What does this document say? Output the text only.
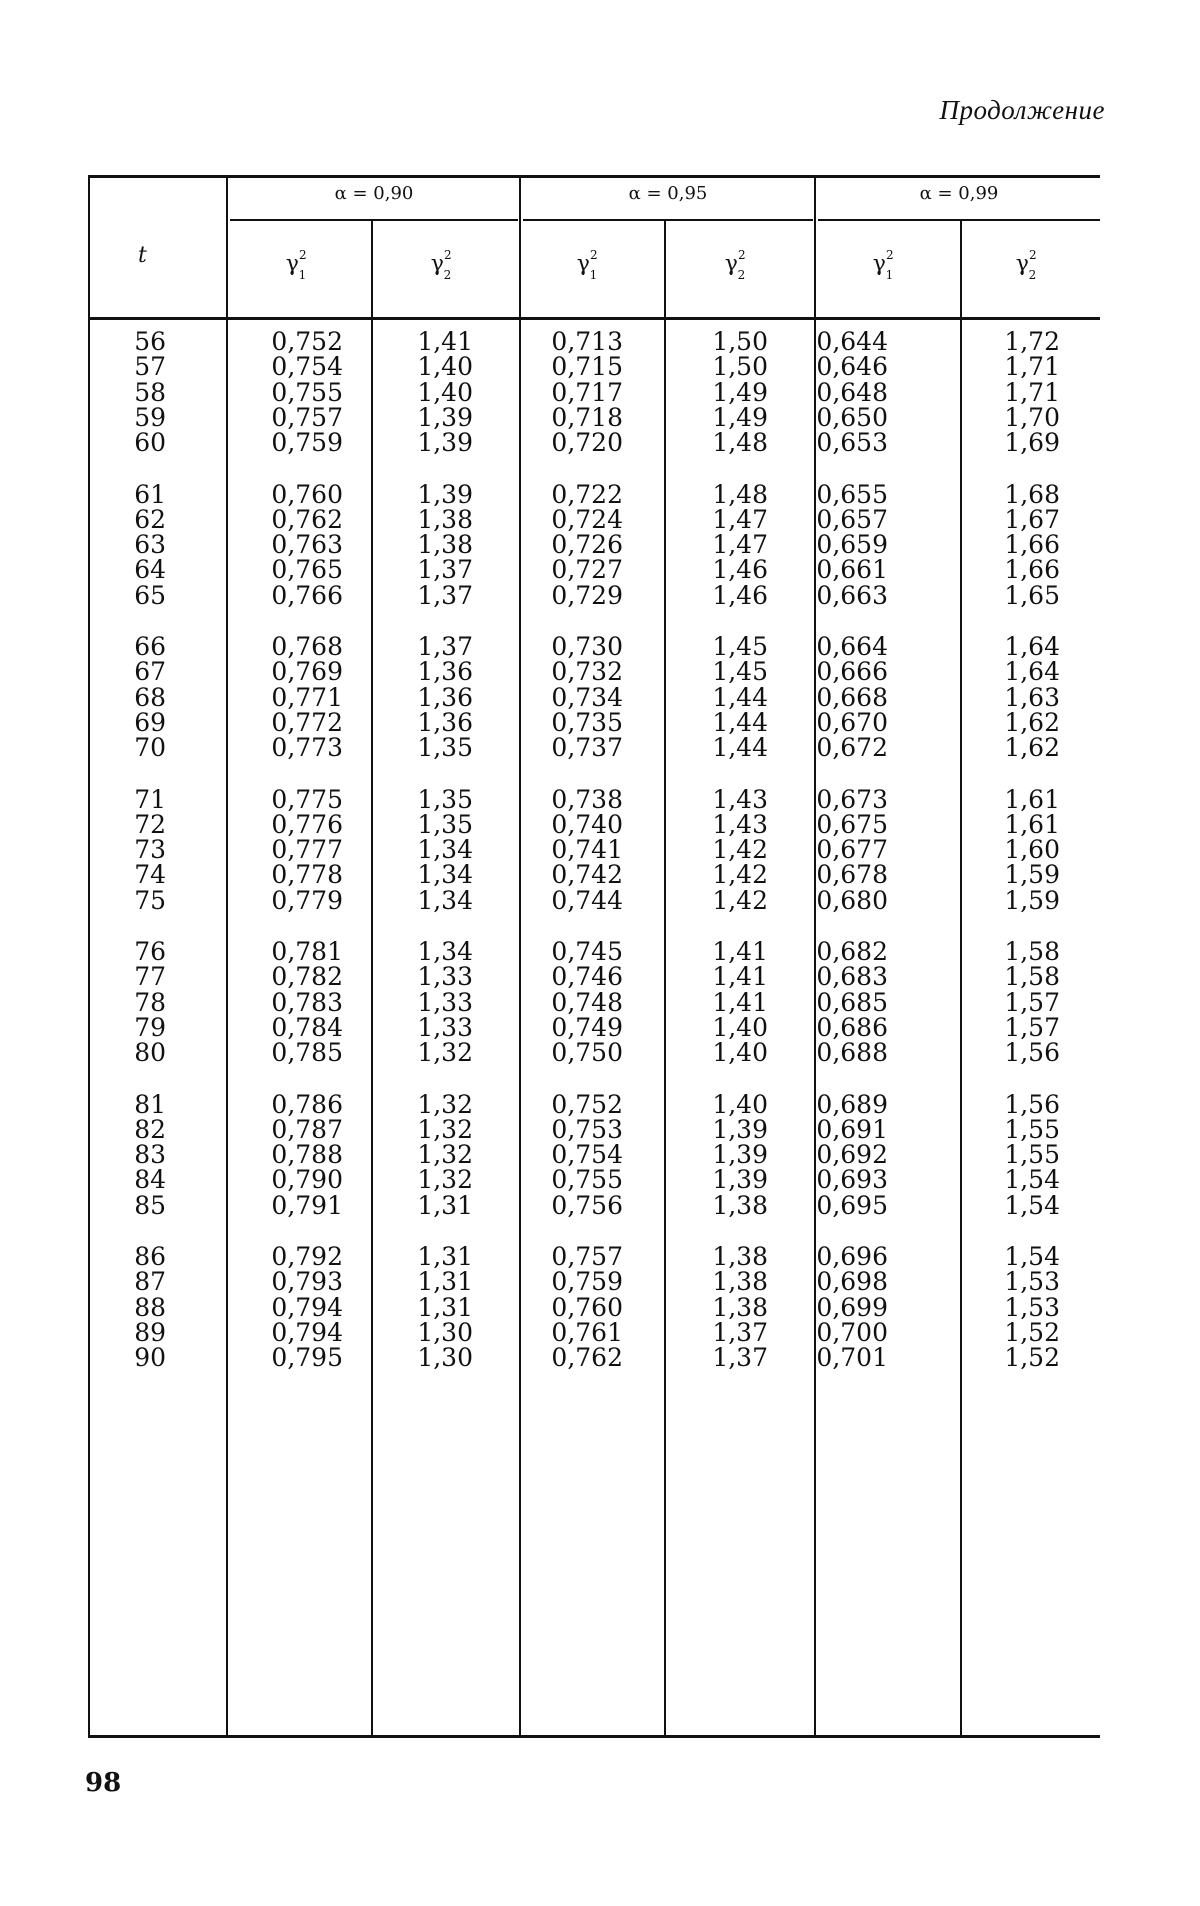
Продолжение
t
α = 0,90	α = 0,95	α = 0,99
$\gamma^2_1$	$\gamma^2_2$	$\gamma^2_1$	$\gamma^2_2$	$\gamma^2_1$	$\gamma^2_2$
56	0,752	1,41	0,713	1,50	0,644	1,72
57	0,754	1,40	0,715	1,50	0,646	1,71
58	0,755	1,40	0,717	1,49	0,648	1,71
59	0,757	1,39	0,718	1,49	0,650	1,70
60	0,759	1,39	0,720	1,48	0,653	1,69
61	0,760	1,39	0,722	1,48	0,655	1,68
62	0,762	1,38	0,724	1,47	0,657	1,67
63	0,763	1,38	0,726	1,47	0,659	1,66
64	0,765	1,37	0,727	1,46	0,661	1,66
65	0,766	1,37	0,729	1,46	0,663	1,65
66	0,768	1,37	0,730	1,45	0,664	1,64
67	0,769	1,36	0,732	1,45	0,666	1,64
68	0,771	1,36	0,734	1,44	0,668	1,63
69	0,772	1,36	0,735	1,44	0,670	1,62
70	0,773	1,35	0,737	1,44	0,672	1,62
71	0,775	1,35	0,738	1,43	0,673	1,61
72	0,776	1,35	0,740	1,43	0,675	1,61
73	0,777	1,34	0,741	1,42	0,677	1,60
74	0,778	1,34	0,742	1,42	0,678	1,59
75	0,779	1,34	0,744	1,42	0,680	1,59
76	0,781	1,34	0,745	1,41	0,682	1,58
77	0,782	1,33	0,746	1,41	0,683	1,58
78	0,783	1,33	0,748	1,41	0,685	1,57
79	0,784	1,33	0,749	1,40	0,686	1,57
80	0,785	1,32	0,750	1,40	0,688	1,56
81	0,786	1,32	0,752	1,40	0,689	1,56
82	0,787	1,32	0,753	1,39	0,691	1,55
83	0,788	1,32	0,754	1,39	0,692	1,55
84	0,790	1,32	0,755	1,39	0,693	1,54
85	0,791	1,31	0,756	1,38	0,695	1,54
86	0,792	1,31	0,757	1,38	0,696	1,54
87	0,793	1,31	0,759	1,38	0,698	1,53
88	0,794	1,31	0,760	1,38	0,699	1,53
89	0,794	1,30	0,761	1,37	0,700	1,52
90	0,795	1,30	0,762	1,37	0,701	1,52
98
